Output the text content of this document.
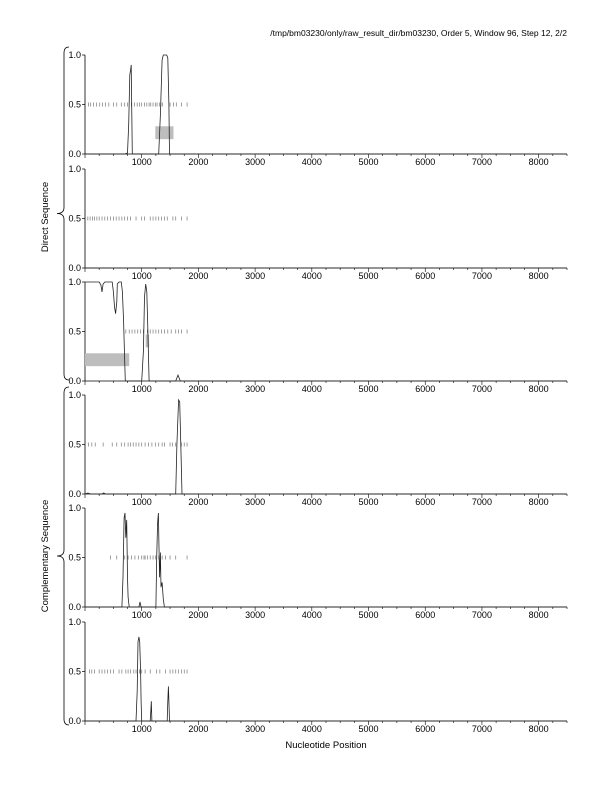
/tmp/bm03230/only/raw_result_dir/bm03230, Order 5, Window 96, Step 12, 2/2
0.0
0.5
1.0
1000	2000	3000	4000	5000	6000	7000	8000
0.0
0.5
1.0
1000	2000	3000	4000	5000	6000	7000	8000
0.0
0.5
1.0
1000	2000	3000	4000	5000	6000	7000	8000
0.0
0.5
1.0
1000	2000	3000	4000	5000	6000	7000	8000
0.0
0.5
1.0
1000	2000	3000	4000	5000	6000	7000	8000
0.0
0.5
1.0
1000	2000	3000	4000	5000	6000	7000	8000
Direct Sequence
Complementary Sequence
Nucleotide Position
